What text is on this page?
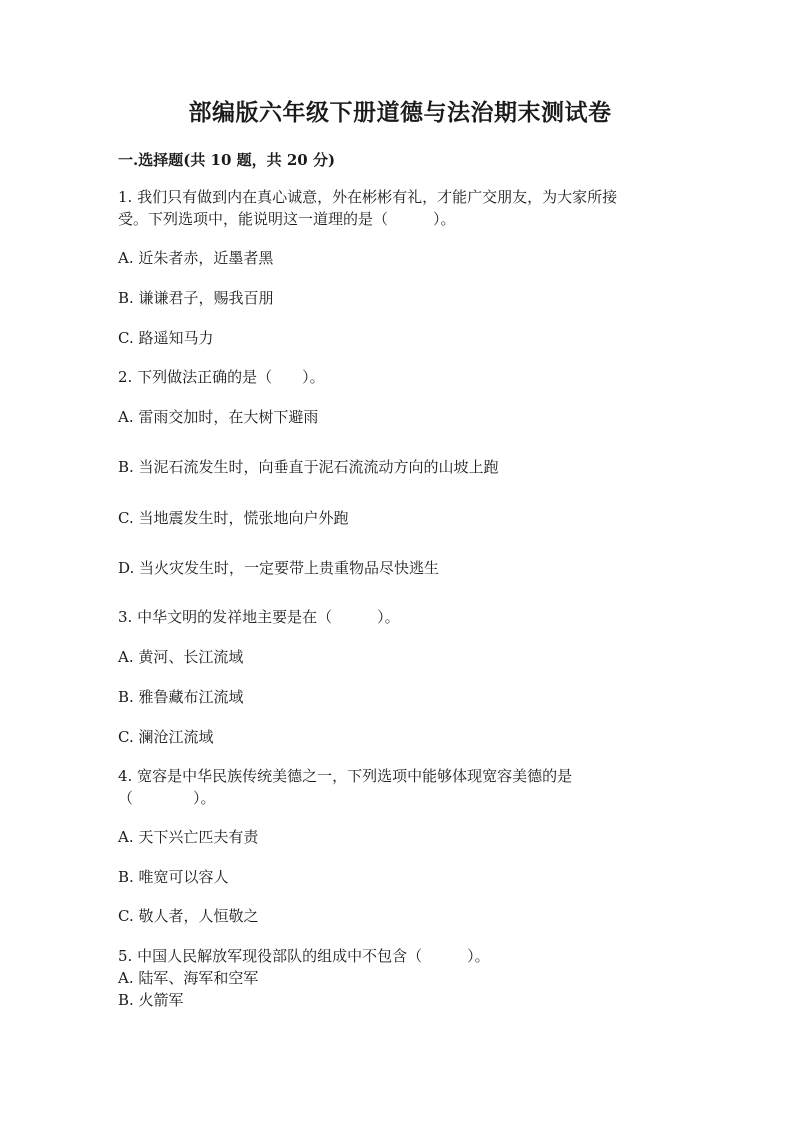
部编版六年级下册道德与法治期末测试卷
一.选择题(共 10 题，共 20 分)
1. 我们只有做到内在真心诚意，外在彬彬有礼，才能广交朋友，为大家所接
受。下列选项中，能说明这一道理的是（　　　）。
A. 近朱者赤，近墨者黑
B. 谦谦君子，赐我百朋
C. 路遥知马力
2. 下列做法正确的是（　　）。
A. 雷雨交加时，在大树下避雨
B. 当泥石流发生时，向垂直于泥石流流动方向的山坡上跑
C. 当地震发生时，慌张地向户外跑
D. 当火灾发生时，一定要带上贵重物品尽快逃生
3. 中华文明的发祥地主要是在（　　　）。
A. 黄河、长江流域
B. 雅鲁藏布江流域
C. 澜沧江流域
4. 宽容是中华民族传统美德之一，下列选项中能够体现宽容美德的是
（　　　　）。
A. 天下兴亡匹夫有责
B. 唯宽可以容人
C. 敬人者，人恒敬之
5. 中国人民解放军现役部队的组成中不包含（　　　）。
A. 陆军、海军和空军
B. 火箭军
